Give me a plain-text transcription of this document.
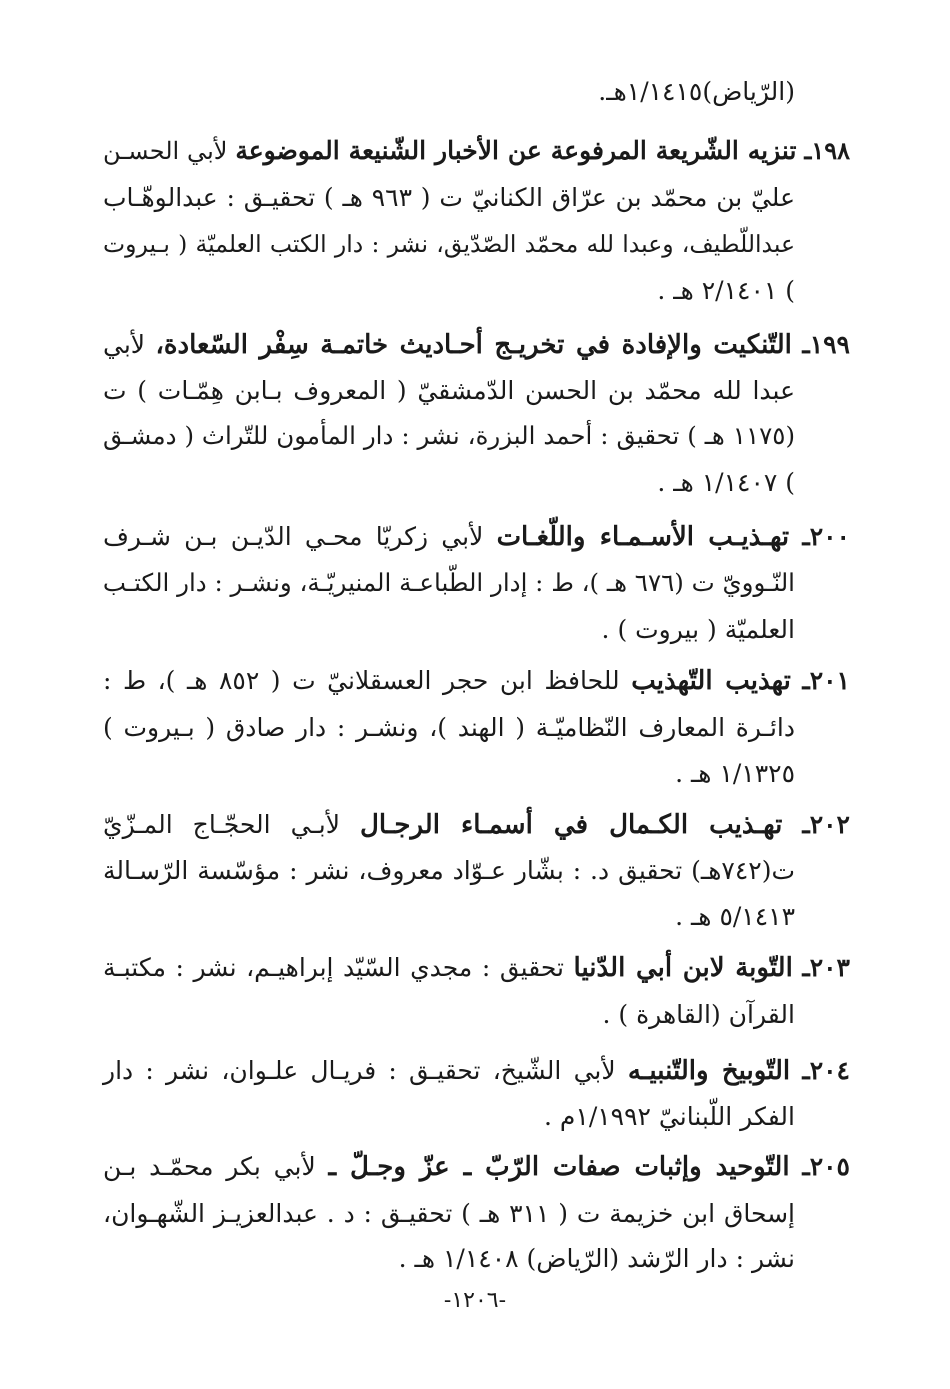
(الرّياض)١/١٤١٥هـ.
١٩٨ـ تنزيه الشّريعة المرفوعة عن الأخبار الشّنيعة الموضوعة لأبي الحسـن
عليّ بن محمّد بن عرّاق الكنانيّ ت ( ٩٦٣ هـ ) تحقيـق : عبدالوهّـاب
عبداللّطيف، وعبدا لله محمّد الصّدّيق، نشر : دار الكتب العلميّة ( بـيروت
) ٢/١٤٠١ هـ .
١٩٩ـ التّنكيت والإفادة في تخريـج أحـاديث خاتمـة سِفْر السّعادة، لأبي
عبدا لله محمّد بن الحسن الدّمشقيّ ( المعروف بـابن هِمّـات ) ت
(١١٧٥ هـ ) تحقيق : أحمد البزرة، نشر : دار المأمون للتّراث ( دمشـق
) ١/١٤٠٧ هـ .
٢٠٠ـ تهـذيـب الأسـمـاء واللّغـات لأبي زكريّا محـي الدّيـن بـن شـرف
النّـوويّ ت (٦٧٦ هـ )، ط : إدار الطّباعـة المنيريّـة، ونشـر : دار الكتـب
العلميّة ( بيروت ) .
٢٠١ـ تهذيب التّهذيب للحافظ ابن حجر العسقلانيّ ت ( ٨٥٢ هـ )، ط :
دائـرة المعارف النّظاميّـة ( الهند )، ونشـر : دار صادق ( بـيروت )
١/١٣٢٥ هـ .
٢٠٢ـ تهـذيب الكـمال في أسمـاء الرجـال لأبـي الحجّـاج المـزّيّ
ت(٧٤٢هـ) تحقيق د. : بشّار عـوّاد معروف، نشر : مؤسّسة الرّسـالة
٥/١٤١٣ هـ .
٢٠٣ـ التّوبة لابن أبي الدّنيا تحقيق : مجدي السّيّد إبراهيـم، نشر : مكتبـة
القرآن (القاهرة ) .
٢٠٤ـ التّوبيخ والتّنبيـه لأبي الشّيخ، تحقيـق : فريـال علـوان، نشر : دار
الفكر اللّبنانيّ ١/١٩٩٢م .
٢٠٥ـ التّوحيد وإثبات صفات الرّبّ ـ عزّ وجـلّ ـ لأبي بكر محمّـد بـن
إسحاق ابن خزيمة ت ( ٣١١ هـ ) تحقيـق : د . عبدالعزيـز الشّهـوان،
نشر : دار الرّشد (الرّياض) ١/١٤٠٨ هـ .
-١٢٠٦-
